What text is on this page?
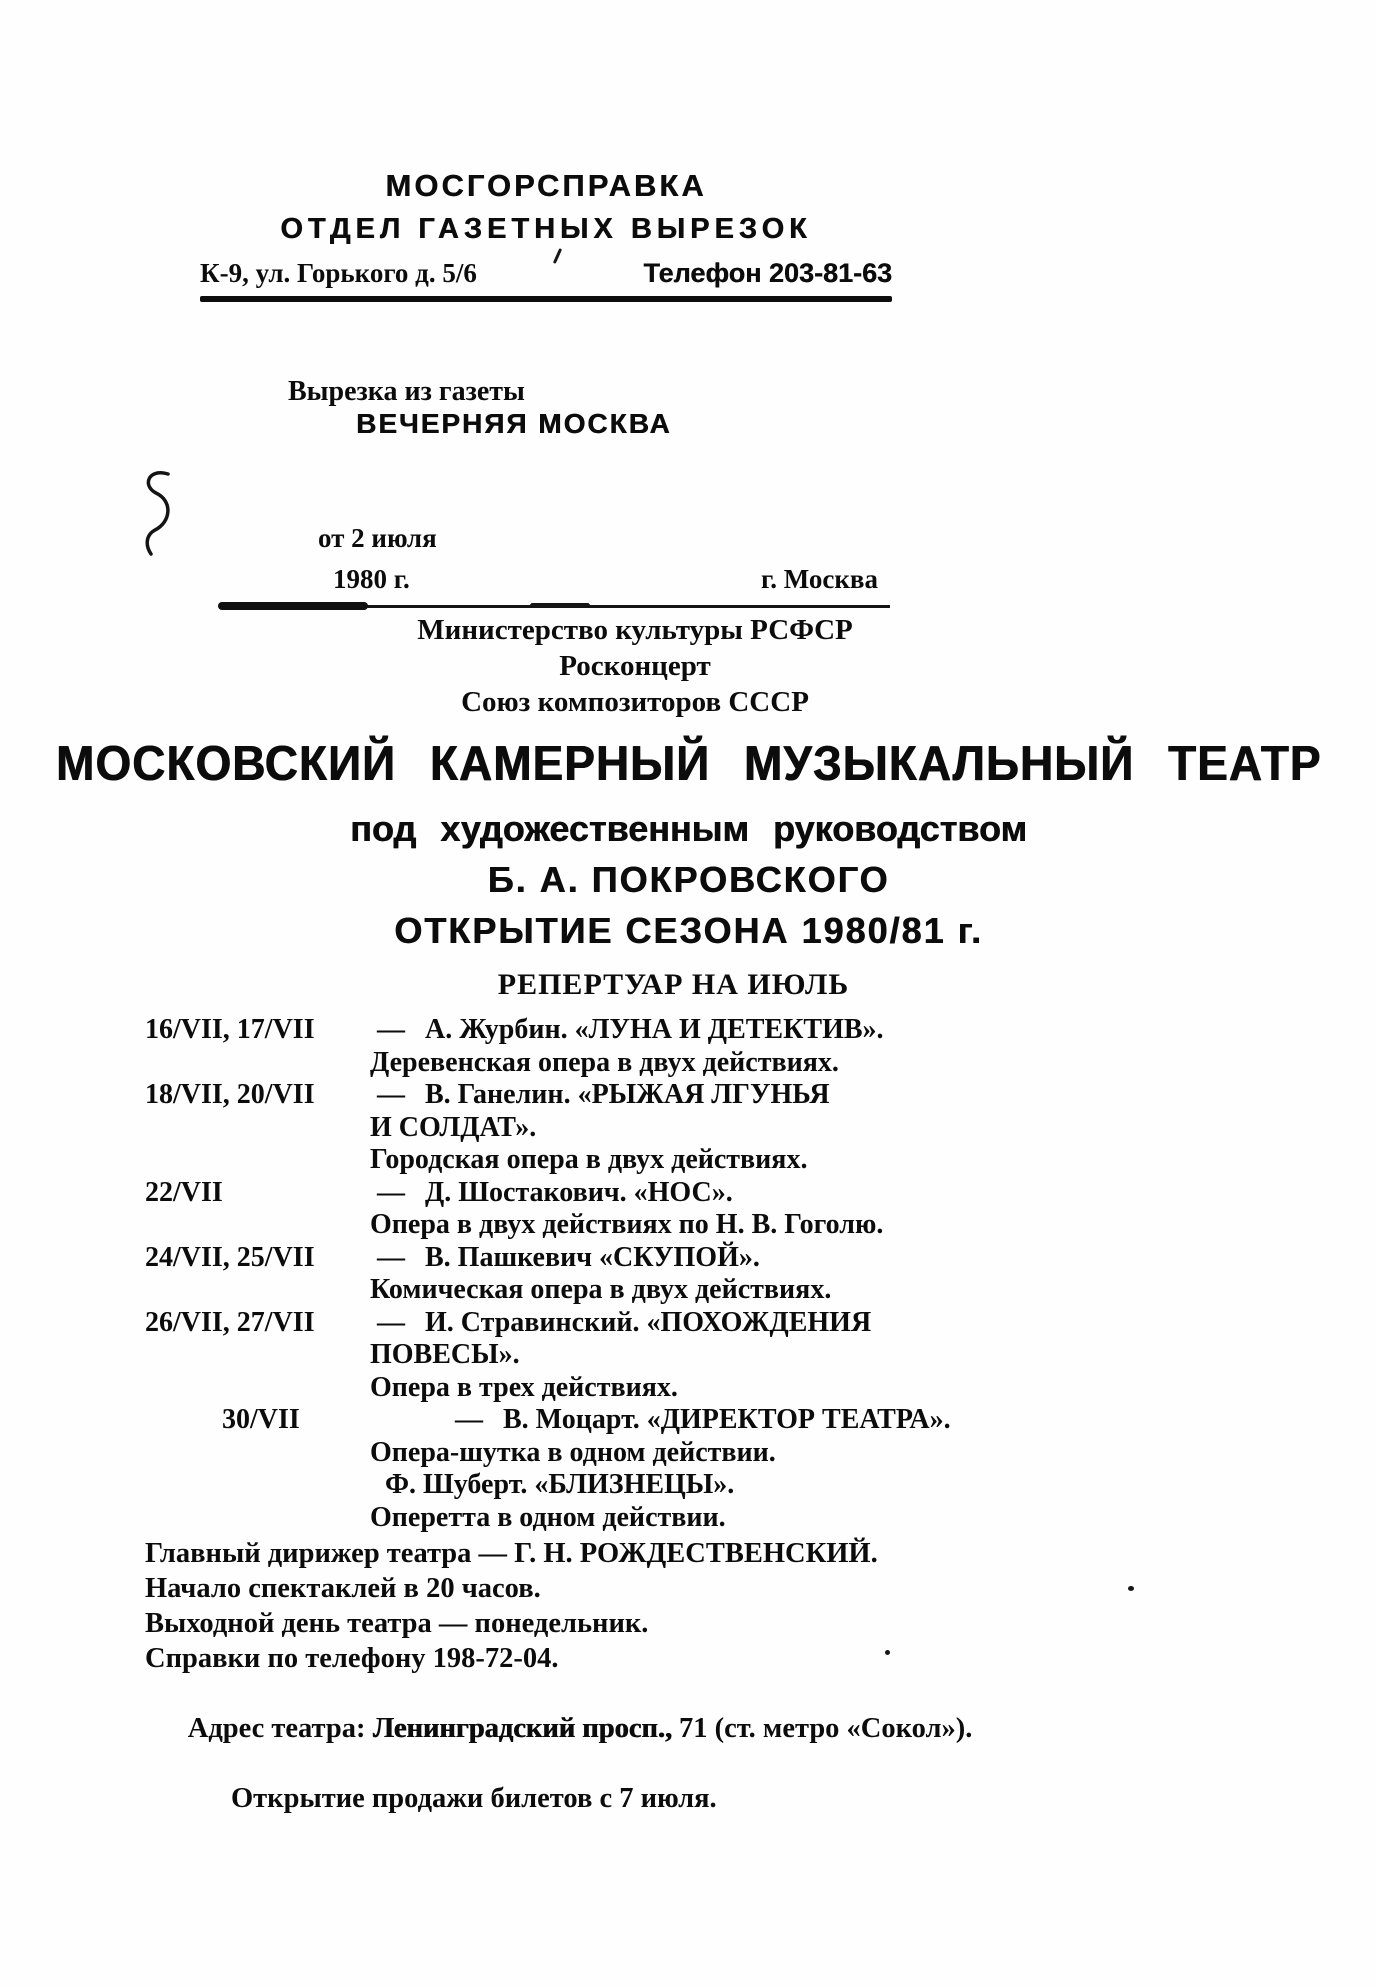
МОСГОРСПРАВКА
ОТДЕЛ ГАЗЕТНЫХ ВЫРЕЗОК
К-9, ул. Горького д. 5/6	Телефон 203-81-63

Вырезка из газеты
ВЕЧЕРНЯЯ МОСКВА

от 2 июля
1980 г.	г. Москва
Министерство культуры РСФСР
Росконцерт
Союз композиторов СССР
МОСКОВСКИЙ КАМЕРНЫЙ МУЗЫКАЛЬНЫЙ ТЕАТР
под художественным руководством
Б. А. ПОКРОВСКОГО
ОТКРЫТИЕ СЕЗОНА 1980/81 г.
РЕПЕРТУАР НА ИЮЛЬ
16/VII, 17/VII	— А. Журбин. «ЛУНА И ДЕТЕКТИВ».
Деревенская опера в двух действиях.
18/VII, 20/VII	— В. Ганелин. «РЫЖАЯ ЛГУНЬЯ
И СОЛДАТ».
Городская опера в двух действиях.
22/VII	— Д. Шостакович. «НОС».
Опера в двух действиях по Н. В. Гоголю.
24/VII, 25/VII	— В. Пашкевич «СКУПОЙ».
Комическая опера в двух действиях.
26/VII, 27/VII	— И. Стравинский. «ПОХОЖДЕНИЯ
ПОВЕСЫ».
Опера в трех действиях.
30/VII	— В. Моцарт. «ДИРЕКТОР ТЕАТРА».
Опера-шутка в одном действии.
Ф. Шуберт. «БЛИЗНЕЦЫ».
Оперетта в одном действии.
Главный дирижер театра — Г. Н. РОЖДЕСТВЕНСКИЙ.
Начало спектаклей в 20 часов.
Выходной день театра — понедельник.
Справки по телефону 198-72-04.

Адрес театра: Ленинградский просп., 71 (ст. метро «Сокол»).

Открытие продажи билетов с 7 июля.
